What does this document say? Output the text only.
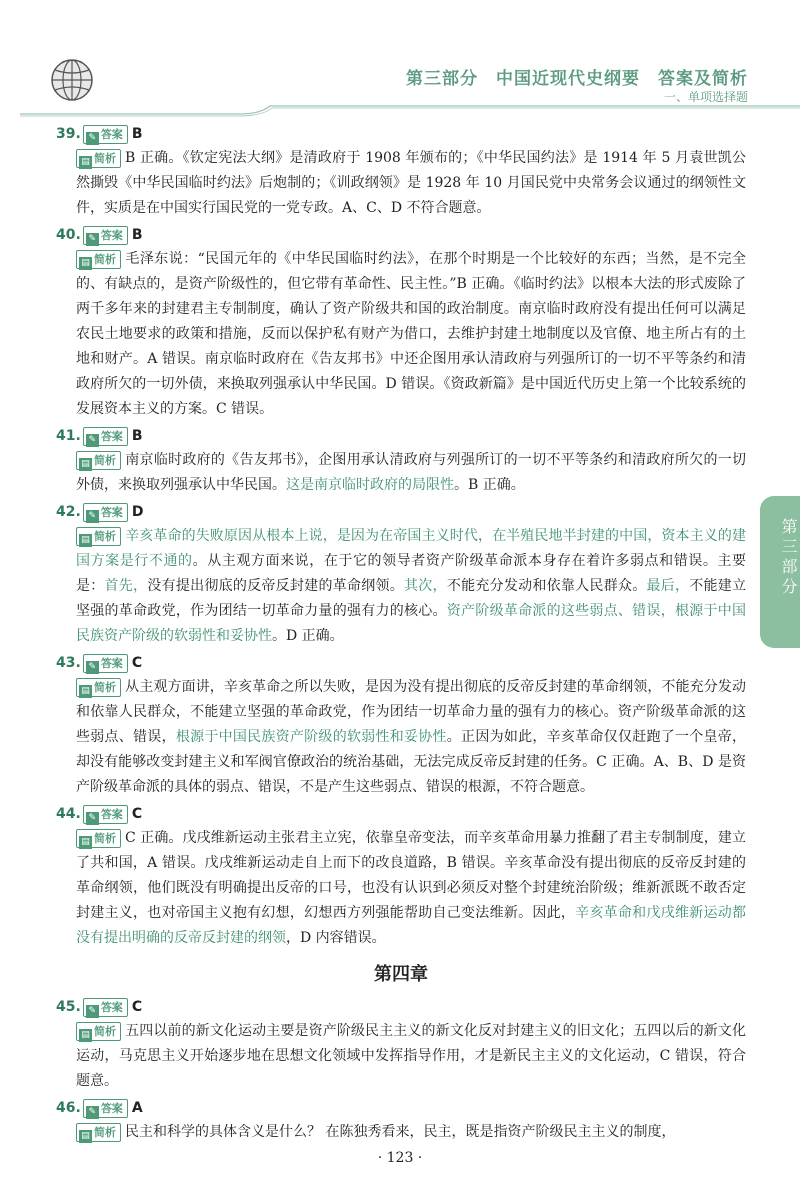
第三部分　中国近现代史纲要　答案及简析
一、单项选择题
39. ✎ 答案 B
▤ 简析 B 正确。《钦定宪法大纲》是清政府于 1908 年颁布的；《中华民国约法》是 1914 年 5 月袁世凯公然撕毁《中华民国临时约法》后炮制的；《训政纲领》是 1928 年 10 月国民党中央常务会议通过的纲领性文件，实质是在中国实行国民党的一党专政。A、C、D 不符合题意。
40. ✎ 答案 B
▤ 简析 毛泽东说：“民国元年的《中华民国临时约法》，在那个时期是一个比较好的东西；当然，是不完全的、有缺点的，是资产阶级性的，但它带有革命性、民主性。”B 正确。《临时约法》以根本大法的形式废除了两千多年来的封建君主专制制度，确认了资产阶级共和国的政治制度。南京临时政府没有提出任何可以满足农民土地要求的政策和措施，反而以保护私有财产为借口，去维护封建土地制度以及官僚、地主所占有的土地和财产。A 错误。南京临时政府在《告友邦书》中还企图用承认清政府与列强所订的一切不平等条约和清政府所欠的一切外债，来换取列强承认中华民国。D 错误。《资政新篇》是中国近代历史上第一个比较系统的发展资本主义的方案。C 错误。
41. ✎ 答案 B
▤ 简析 南京临时政府的《告友邦书》，企图用承认清政府与列强所订的一切不平等条约和清政府所欠的一切外债，来换取列强承认中华民国。这是南京临时政府的局限性。B 正确。
42. ✎ 答案 D
▤ 简析 辛亥革命的失败原因从根本上说，是因为在帝国主义时代，在半殖民地半封建的中国，资本主义的建国方案是行不通的。从主观方面来说，在于它的领导者资产阶级革命派本身存在着许多弱点和错误。主要是：首先，没有提出彻底的反帝反封建的革命纲领。其次，不能充分发动和依靠人民群众。最后，不能建立坚强的革命政党，作为团结一切革命力量的强有力的核心。资产阶级革命派的这些弱点、错误，根源于中国民族资产阶级的软弱性和妥协性。D 正确。
43. ✎ 答案 C
▤ 简析 从主观方面讲，辛亥革命之所以失败，是因为没有提出彻底的反帝反封建的革命纲领，不能充分发动和依靠人民群众，不能建立坚强的革命政党，作为团结一切革命力量的强有力的核心。资产阶级革命派的这些弱点、错误，根源于中国民族资产阶级的软弱性和妥协性。正因为如此，辛亥革命仅仅赶跑了一个皇帝，却没有能够改变封建主义和军阀官僚政治的统治基础，无法完成反帝反封建的任务。C 正确。A、B、D 是资产阶级革命派的具体的弱点、错误，不是产生这些弱点、错误的根源，不符合题意。
44. ✎ 答案 C
▤ 简析 C 正确。戊戌维新运动主张君主立宪，依靠皇帝变法，而辛亥革命用暴力推翻了君主专制制度，建立了共和国，A 错误。戊戌维新运动走自上而下的改良道路，B 错误。辛亥革命没有提出彻底的反帝反封建的革命纲领，他们既没有明确提出反帝的口号，也没有认识到必须反对整个封建统治阶级；维新派既不敢否定封建主义，也对帝国主义抱有幻想，幻想西方列强能帮助自己变法维新。因此，辛亥革命和戊戌维新运动都没有提出明确的反帝反封建的纲领，D 内容错误。
第四章
45. ✎ 答案 C
▤ 简析 五四以前的新文化运动主要是资产阶级民主主义的新文化反对封建主义的旧文化；五四以后的新文化运动，马克思主义开始逐步地在思想文化领域中发挥指导作用，才是新民主主义的文化运动，C 错误，符合题意。
46. ✎ 答案 A
▤ 简析 民主和科学的具体含义是什么？ 在陈独秀看来，民主，既是指资产阶级民主主义的制度，
第三部分
· 123 ·
